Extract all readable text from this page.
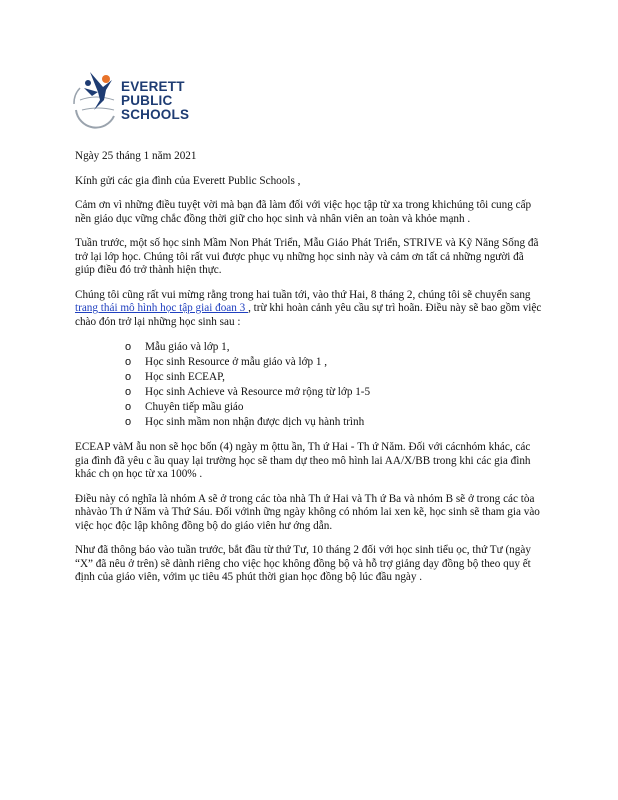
EVERETT
PUBLIC
SCHOOLS

Ngày 25 tháng 1 năm 2021

Kính gửi các gia đình của Everett Public Schools ,

Cảm ơn vì những điều tuyệt vời mà bạn đã làm đối với việc học tập từ xa trong khichúng tôi cung cấp nền giáo dục vững chắc đồng thời giữ cho học sinh và nhân viên an toàn và khỏe mạnh .

Tuần trước, một số học sinh Mầm Non Phát Triển, Mẫu Giáo Phát Triển, STRIVE và Kỹ Năng Sống đã trở lại lớp học. Chúng tôi rất vui được phục vụ những học sinh này và cảm ơn tất cả những người đã giúp điều đó trở thành hiện thực.

Chúng tôi cũng rất vui mừng rằng trong hai tuần tới, vào thứ Hai, 8 tháng 2, chúng tôi sẽ chuyển sang trang thái mô hình học tập giai đoan 3 , trừ khi hoàn cảnh yêu cầu sự trì hoãn. Điều này sẽ bao gồm việc chào đón trở lại những học sinh sau :

o Mẫu giáo và lớp 1,
o Học sinh Resource ở mẫu giáo và lớp 1 ,
o Học sinh ECEAP,
o Học sinh Achieve và Resource mở rộng từ lớp 1-5
o Chuyên tiếp mầu giáo
o Học sinh mầm non nhận được dịch vụ hành trình

ECEAP vàM ẫu non sẽ học bốn (4) ngày m ộttu ần, Th ứ Hai - Th ứ Năm. Đối với cácnhóm khác, các gia đình đã yêu c ầu quay lại trường học sẽ tham dự theo mô hình lai AA/X/BB trong khi các gia đình khác ch ọn học từ xa 100% .

Điều này có nghĩa là nhóm A sẽ ở trong các tòa nhà Th ứ Hai và Th ứ Ba và nhóm B sẽ ở trong các tòa nhàvào Th ứ Năm và Thứ Sáu. Đối vớinh ững ngày không có nhóm lai xen kẽ, học sinh sẽ tham gia vào việc học độc lập không đồng bộ do giáo viên hư ớng dẫn.

Như đã thông báo vào tuần trước, bắt đầu từ thứ Tư, 10 tháng 2 đối với học sinh tiểu ọc, thứ Tư (ngày “X” đã nêu ở trên) sẽ dành riêng cho việc học không đồng bộ và hỗ trợ giảng dạy đồng bộ theo quy ết định của giáo viên, vớim ục tiêu 45 phút thời gian học đồng bộ lúc đầu ngày .
